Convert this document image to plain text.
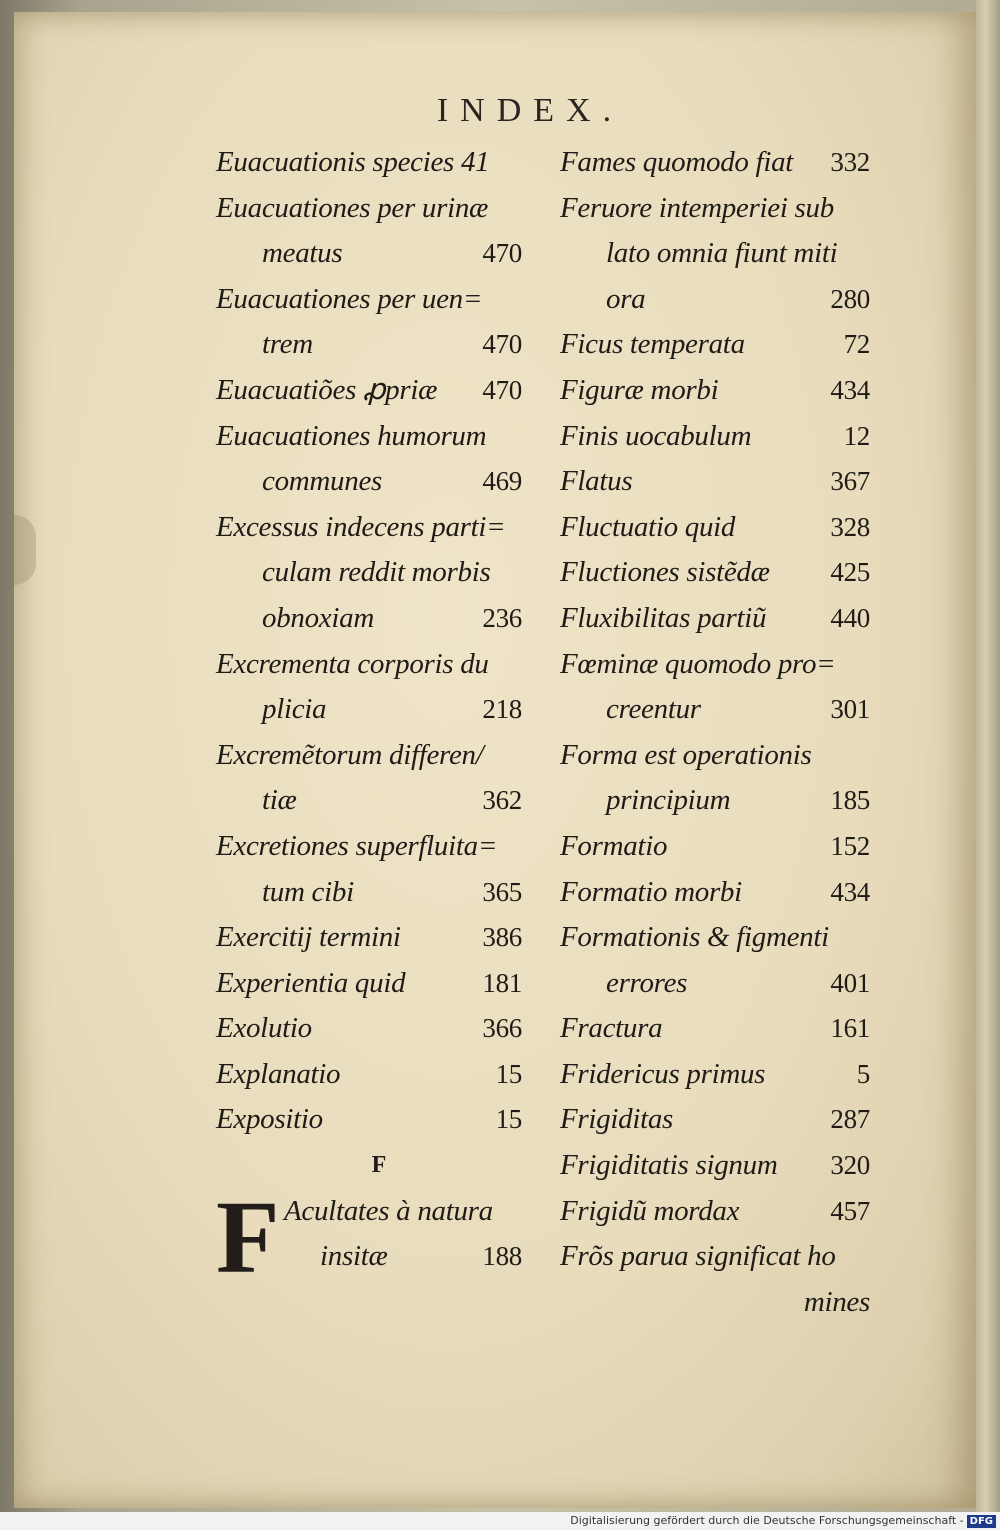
INDEX.
Euacuationis species 41
Euacuationes per urinæ
meatus	470
Euacuationes per uen=
trem	470
Euacuatiões ꝓpriæ 470
Euacuationes humorum
communes	469
Excessus indecens parti=
culam reddit morbis
obnoxiam	236
Excrementa corporis du
plicia	218
Excremẽtorum differen/
tiæ	362
Excretiones superfluita=
tum cibi	365
Exercitij termini	386
Experientia quid	181
Exolutio	366
Explanatio	15
Expositio	15
F
F Acultates à natura
insitæ	188
Fames quomodo fiat 332
Feruore intemperiei sub
lato omnia fiunt miti
ora	280
Ficus temperata	72
Figuræ morbi	434
Finis uocabulum	12
Flatus	367
Fluctuatio quid	328
Fluctiones sistẽdæ 425
Fluxibilitas partiũ 440
Fœminæ quomodo pro=
creentur	301
Forma est operationis
principium	185
Formatio	152
Formatio morbi	434
Formationis & figmenti
errores	401
Fractura	161
Fridericus primus	5
Frigiditas	287
Frigiditatis signum 320
Frigidũ mordax	457
Frõs parua significat ho
mines
Digitalisierung gefördert durch die Deutsche Forschungsgemeinschaft - DFG
